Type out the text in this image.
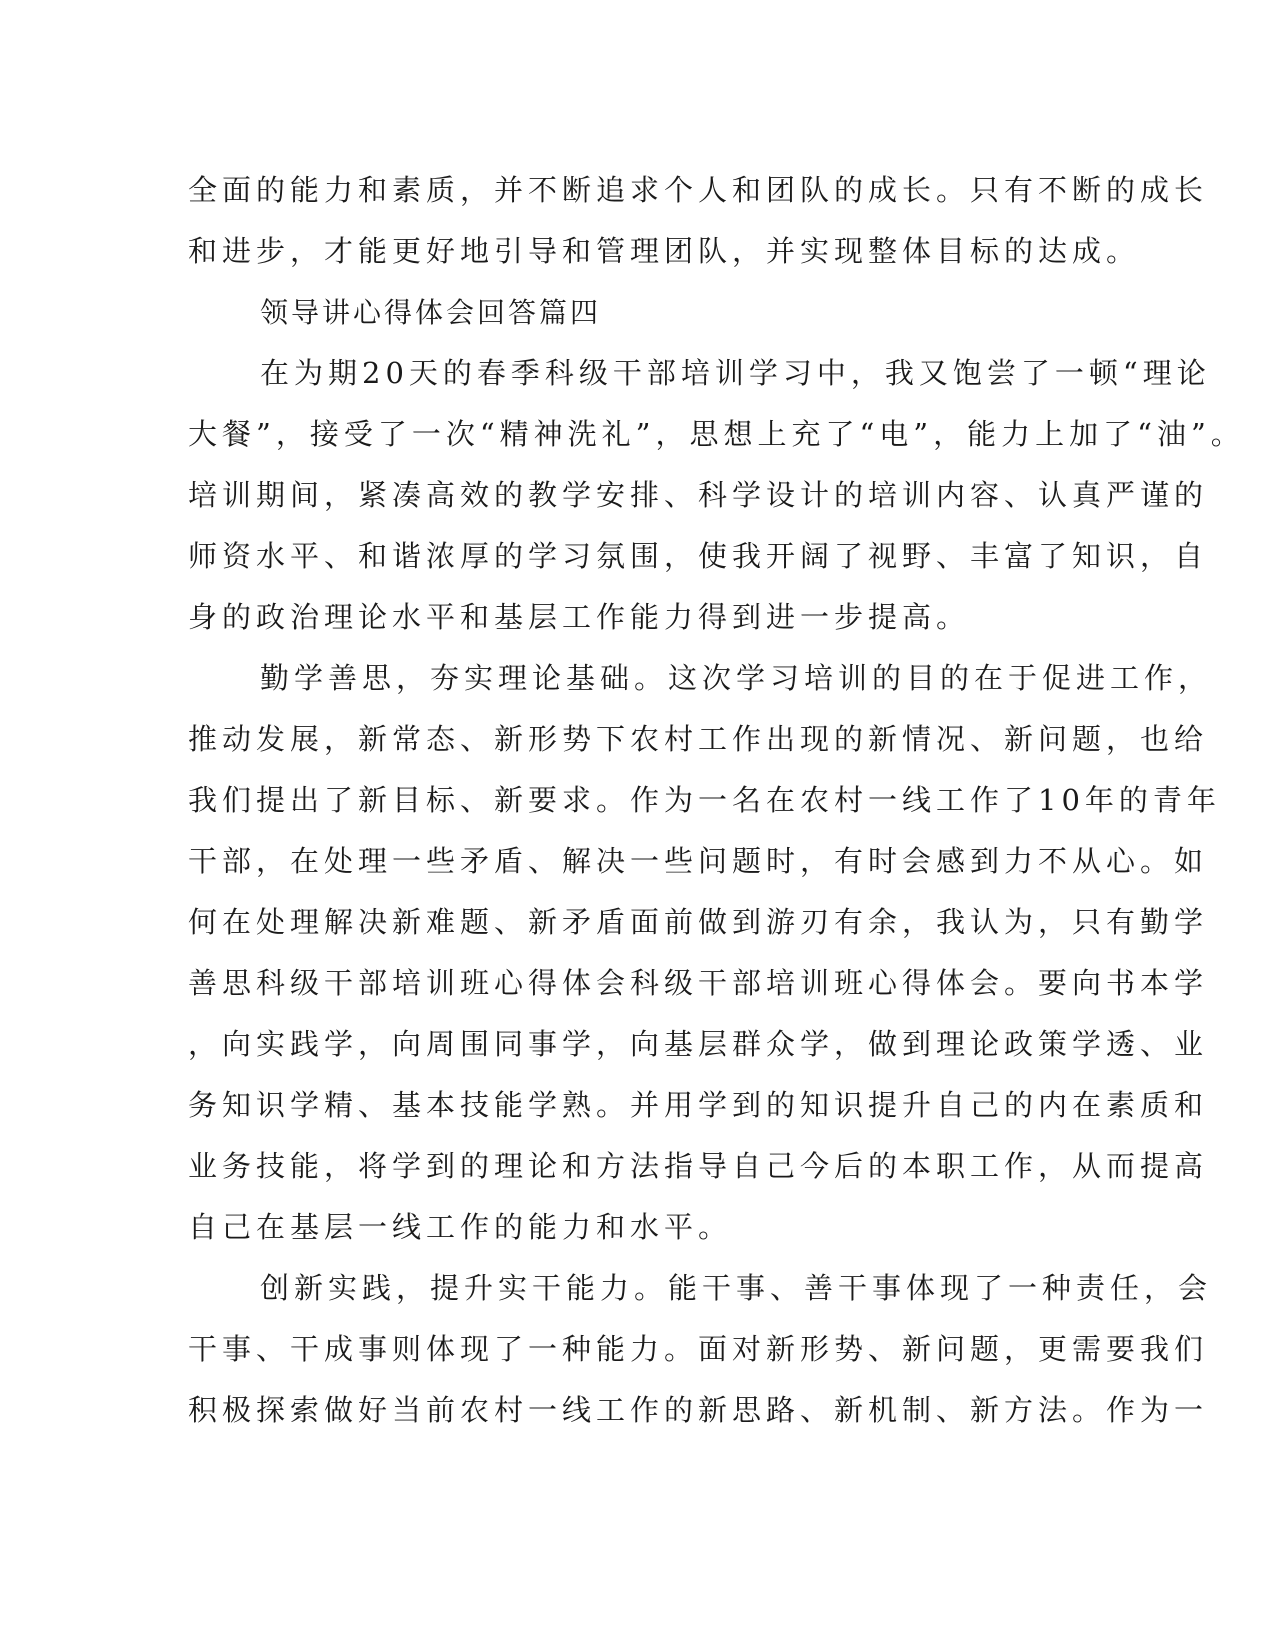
全面的能力和素质，并不断追求个人和团队的成长。只有不断的成长
和进步，才能更好地引导和管理团队，并实现整体目标的达成。
领导讲心得体会回答篇四
在为期20天的春季科级干部培训学习中，我又饱尝了一顿“理论
大餐”，接受了一次“精神洗礼”，思想上充了“电”，能力上加了“油”。
培训期间，紧凑高效的教学安排、科学设计的培训内容、认真严谨的
师资水平、和谐浓厚的学习氛围，使我开阔了视野、丰富了知识，自
身的政治理论水平和基层工作能力得到进一步提高。
勤学善思，夯实理论基础。这次学习培训的目的在于促进工作，
推动发展，新常态、新形势下农村工作出现的新情况、新问题，也给
我们提出了新目标、新要求。作为一名在农村一线工作了10年的青年
干部，在处理一些矛盾、解决一些问题时，有时会感到力不从心。如
何在处理解决新难题、新矛盾面前做到游刃有余，我认为，只有勤学
善思科级干部培训班心得体会科级干部培训班心得体会。要向书本学
，向实践学，向周围同事学，向基层群众学，做到理论政策学透、业
务知识学精、基本技能学熟。并用学到的知识提升自己的内在素质和
业务技能，将学到的理论和方法指导自己今后的本职工作，从而提高
自己在基层一线工作的能力和水平。
创新实践，提升实干能力。能干事、善干事体现了一种责任，会
干事、干成事则体现了一种能力。面对新形势、新问题，更需要我们
积极探索做好当前农村一线工作的新思路、新机制、新方法。作为一
